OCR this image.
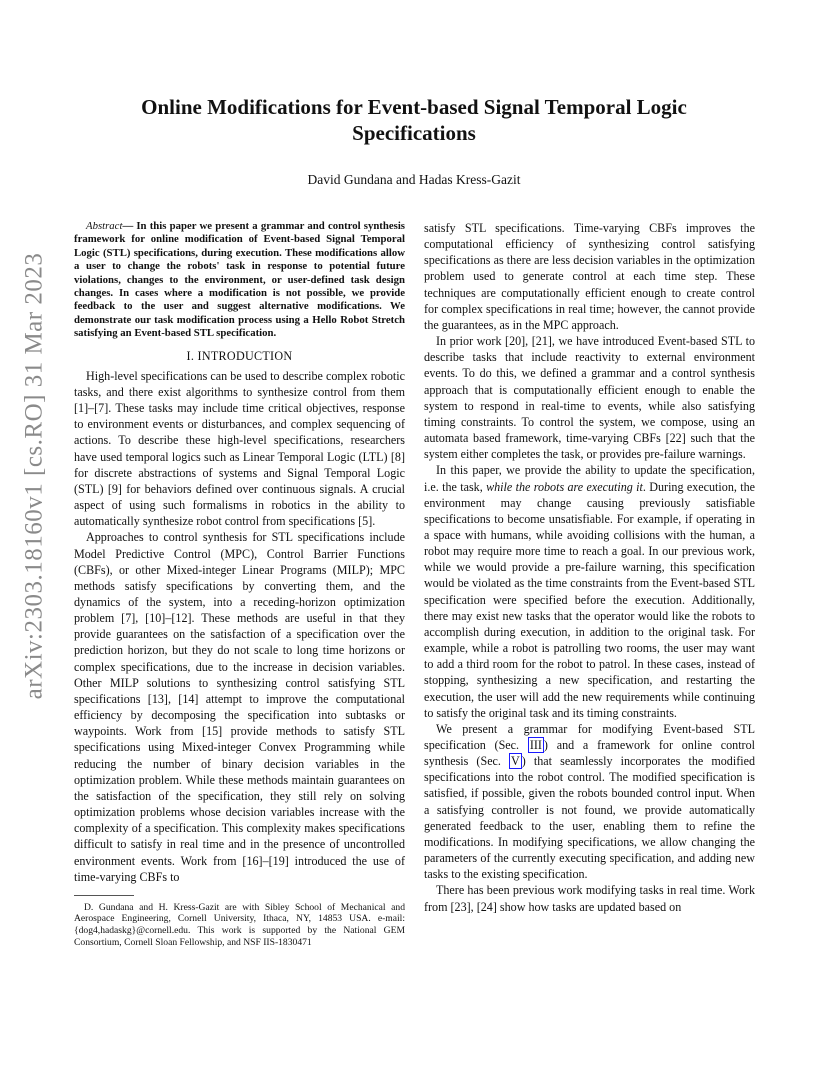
arXiv:2303.18160v1 [cs.RO] 31 Mar 2023
Online Modifications for Event-based Signal Temporal Logic Specifications

David Gundana and Hadas Kress-Gazit

Abstract— In this paper we present a grammar and control synthesis framework for online modification of Event-based Signal Temporal Logic (STL) specifications, during execution. These modifications allow a user to change the robots' task in response to potential future violations, changes to the environment, or user-defined task design changes. In cases where a modification is not possible, we provide feedback to the user and suggest alternative modifications. We demonstrate our task modification process using a Hello Robot Stretch satisfying an Event-based STL specification.

I. INTRODUCTION

High-level specifications can be used to describe complex robotic tasks, and there exist algorithms to synthesize control from them [1]–[7]. These tasks may include time critical objectives, response to environment events or disturbances, and complex sequencing of actions. To describe these high-level specifications, researchers have used temporal logics such as Linear Temporal Logic (LTL) [8] for discrete abstractions of systems and Signal Temporal Logic (STL) [9] for behaviors defined over continuous signals. A crucial aspect of using such formalisms in robotics in the ability to automatically synthesize robot control from specifications [5].

Approaches to control synthesis for STL specifications include Model Predictive Control (MPC), Control Barrier Functions (CBFs), or other Mixed-integer Linear Programs (MILP); MPC methods satisfy specifications by converting them, and the dynamics of the system, into a receding-horizon optimization problem [7], [10]–[12]. These methods are useful in that they provide guarantees on the satisfaction of a specification over the prediction horizon, but they do not scale to long time horizons or complex specifications, due to the increase in decision variables. Other MILP solutions to synthesizing control satisfying STL specifications [13], [14] attempt to improve the computational efficiency by decomposing the specification into subtasks or waypoints. Work from [15] provide methods to satisfy STL specifications using Mixed-integer Convex Programming while reducing the number of binary decision variables in the optimization problem. While these methods maintain guarantees on the satisfaction of the specification, they still rely on solving optimization problems whose decision variables increase with the complexity of a specification. This complexity makes specifications difficult to satisfy in real time and in the presence of uncontrolled environment events. Work from [16]–[19] introduced the use of time-varying CBFs to

D. Gundana and H. Kress-Gazit are with Sibley School of Mechanical and Aerospace Engineering, Cornell University, Ithaca, NY, 14853 USA. e-mail: {dog4,hadaskg}@cornell.edu. This work is supported by the National GEM Consortium, Cornell Sloan Fellowship, and NSF IIS-1830471

satisfy STL specifications. Time-varying CBFs improves the computational efficiency of synthesizing control satisfying specifications as there are less decision variables in the optimization problem used to generate control at each time step. These techniques are computationally efficient enough to create control for complex specifications in real time; however, the cannot provide the guarantees, as in the MPC approach.

In prior work [20], [21], we have introduced Event-based STL to describe tasks that include reactivity to external environment events. To do this, we defined a grammar and a control synthesis approach that is computationally efficient enough to enable the system to respond in real-time to events, while also satisfying timing constraints. To control the system, we compose, using an automata based framework, time-varying CBFs [22] such that the system either completes the task, or provides pre-failure warnings.

In this paper, we provide the ability to update the specification, i.e. the task, while the robots are executing it. During execution, the environment may change causing previously satisfiable specifications to become unsatisfiable. For example, if operating in a space with humans, while avoiding collisions with the human, a robot may require more time to reach a goal. In our previous work, while we would provide a pre-failure warning, this specification would be violated as the time constraints from the Event-based STL specification were specified before the execution. Additionally, there may exist new tasks that the operator would like the robots to accomplish during execution, in addition to the original task. For example, while a robot is patrolling two rooms, the user may want to add a third room for the robot to patrol. In these cases, instead of stopping, synthesizing a new specification, and restarting the execution, the user will add the new requirements while continuing to satisfy the original task and its timing constraints.

We present a grammar for modifying Event-based STL specification (Sec. III ) and a framework for online control synthesis (Sec. V ) that seamlessly incorporates the modified specifications into the robot control. The modified specification is satisfied, if possible, given the robots bounded control input. When a satisfying controller is not found, we provide automatically generated feedback to the user, enabling them to refine the modifications. In modifying specifications, we allow changing the parameters of the currently executing specification, and adding new tasks to the existing specification.

There has been previous work modifying tasks in real time. Work from [23], [24] show how tasks are updated based on
